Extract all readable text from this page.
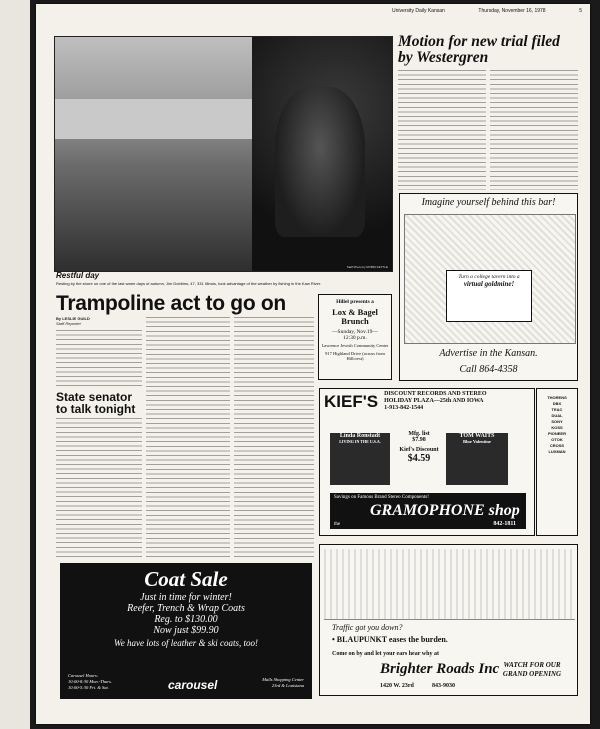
University Daily Kansan	Thursday, November 16, 1978	5
Staff Photo by ROBIN KETTLE
Restful day
Resting by the shore on one of the last warm days of autumn, Jim Dobbins, 47, 331 Illinois, took advantage of the weather by fishing in the Kaw River.
Trampoline act to go on
By LESLIE GUILD
Staff Reporter
State senator to talk tonight
Motion for new trial filed by Westergren
Coat Sale
Just in time for winter!
Reefer, Trench & Wrap Coats
Reg. to $130.00
Now just $99.90
We have lots of leather & ski coats, too!
Carousel Hours:
10:00-8:30 Mon.-Thurs.
10:00-5:30 Fri. & Sat.	carousel	Malls Shopping Center
23rd & Louisiana
Hillel presents a
Lox & Bagel Brunch
—Sunday, Nov.19—
12:30 p.m.
Lawrence Jewish Community Center
917 Highland Drive (across from Hillcrest)
Imagine yourself behind this bar!
Turn a college tavern into a
virtual goldmine!
Advertise in the Kansan.
Call 864-4358
KIEF'S DISCOUNT RECORDS AND STEREO
HOLIDAY PLAZA—25th AND IOWA
1-913-842-1544
Linda Ronstadt
LIVING IN THE U.S.A.
Mfg. list
$7.98
Kief's Discount
$4.59
TOM WAITS
Blue Valentine
Savings on Famous Brand Stereo Components!
GRAMOPHONE shop
the	842-1811
THORENS
DBX
TEAC
DUAL
SONY
KOSS
PIONEER
OTOK
CROSS
LUXMAN
Traffic got you down?
• BLAUPUNKT eases the burden.
Come on by and let your ears hear why at
Brighter Roads Inc
1420 W. 23rd	843-9030
WATCH FOR OUR GRAND OPENING
